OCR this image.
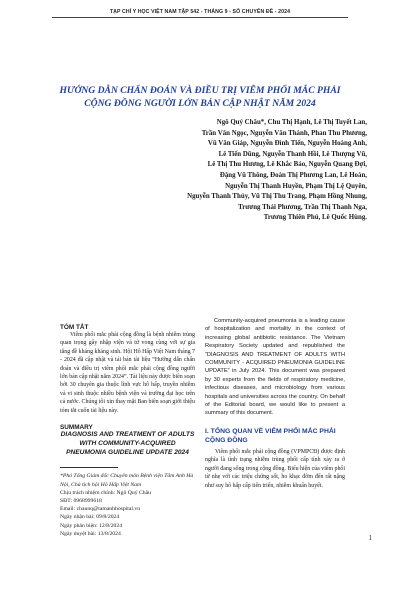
TẠP CHÍ Y HỌC VIỆT NAM TẬP 542 - THÁNG 9 - SỐ CHUYÊN ĐỀ - 2024
HƯỚNG DẪN CHẨN ĐOÁN VÀ ĐIỀU TRỊ VIÊM PHỔI MẮC PHẢI
CỘNG ĐỒNG NGƯỜI LỚN BẢN CẬP NHẬT NĂM 2024
Ngô Quý Châu*, Chu Thị Hạnh, Lê Thị Tuyết Lan,
Trần Văn Ngọc, Nguyễn Văn Thành, Phan Thu Phương,
Vũ Văn Giáp, Nguyễn Đình Tiến, Nguyễn Hoàng Anh,
Lê Tiến Dũng, Nguyễn Thanh Hồi, Lê Thượng Vũ,
Lê Thị Thu Hương, Lê Khắc Bảo, Nguyễn Quang Đợi,
Đặng Vũ Thông, Đoàn Thị Phương Lan, Lê Hoàn,
Nguyễn Thị Thanh Huyền, Phạm Thị Lệ Quyên,
Nguyễn Thanh Thủy, Vũ Thị Thu Trang, Phạm Hồng Nhung,
Trương Thái Phương, Trần Thị Thanh Nga,
Trương Thiên Phú, Lê Quốc Hùng.

TÓM TẮT

Viêm phổi mắc phải cộng đồng là bệnh nhiễm trùng quan trọng gây nhập viện và tử vong cùng với sự gia tăng đề kháng kháng sinh. Hội Hô Hấp Việt Nam tháng 7 - 2024 đã cập nhật và tái bản tài liệu “Hướng dẫn chẩn đoán và điều trị viêm phổi mắc phải cộng đồng người lớn bản cập nhật năm 2024”. Tài liệu này được biên soạn bởi 30 chuyên gia thuộc lĩnh vực hô hấp, truyền nhiễm và vi sinh thuộc nhiều bệnh viện và trường đại học trên cả nước. Chúng tôi xin thay mặt Ban biên soạn giới thiệu tóm tắt cuốn tài liệu này.

SUMMARY

DIAGNOSIS AND TREATMENT OF ADULTS WITH COMMUNITY-ACQUIRED PNEUMONIA GUIDELINE UPDATE 2024

*Phó Tổng Giám đốc Chuyên môn Bệnh viện Tâm Anh Hà Nội, Chủ tịch hội Hô Hấp Việt Nam

Chịu trách nhiệm chính: Ngô Quý Châu

SĐT: 0968999618

Email: chaunq@tamanhhospital.vn

Ngày nhận bài: 09/8/2024

Ngày phản biện: 12/8/2024

Ngày duyệt bài: 13/8/2024

Community-acquired pneumonia is a leading cause of hospitalization and mortality in the context of increasing global antibiotic resistance. The Vietnam Respiratory Society updated and republished the “DIAGNOSIS AND TREATMENT OF ADULTS WITH COMMUNITY - ACQUIRED PNEUMONIA GUIDELINE UPDATE” in July 2024. This document was prepared by 30 experts from the fields of respiratory medicine, infectious diseases, and microbiology from various hospitals and universities across the country. On behalf of the Editorial board, we would like to present a summary of this document.

I. TỔNG QUAN VỀ VIÊM PHỔI MẮC PHẢI CỘNG ĐỒNG

Viêm phổi mắc phải cộng đồng (VPMPCĐ) được định nghĩa là tình trạng nhiễm trùng phổi cấp tính xảy ra ở người đang sống trong cộng đồng. Biểu hiện của viêm phổi từ nhẹ với các triệu chứng sốt, ho khạc đờm đến rất nặng như suy hô hấp cấp tiến triển, nhiễm khuẩn huyết.

1
